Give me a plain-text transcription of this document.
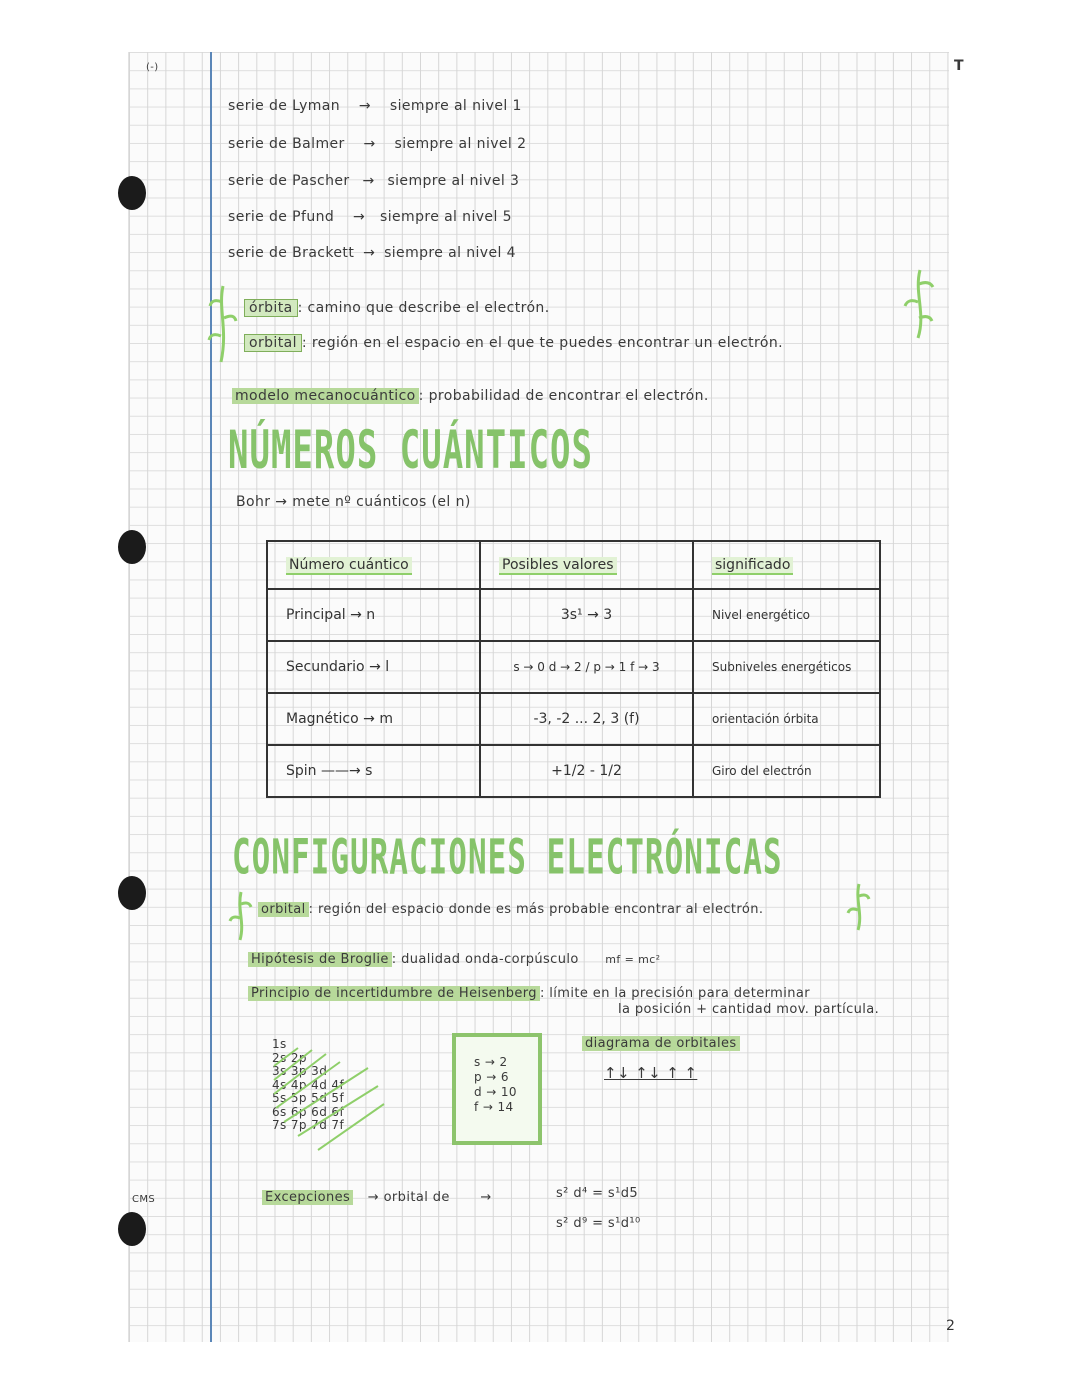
(-)	T
CMS
2
serie de Lyman → siempre al nivel 1
serie de Balmer → siempre al nivel 2
serie de Pascher → siempre al nivel 3
serie de Pfund → siempre al nivel 5
serie de Brackett → siempre al nivel 4
órbita : camino que describe el electrón.
orbital : región en el espacio en el que te puedes encontrar un electrón.
modelo mecanocuántico : probabilidad de encontrar el electrón.
NÚMEROS CUÁNTICOS
Bohr → mete nº cuánticos (el n)
Número cuántico	Posibles valores	significado
Principal → n	3s¹ → 3	Nivel energético
Secundario → l	s → 0 d → 2 / p → 1 f → 3	Subniveles energéticos
Magnético → m	-3, -2 ... 2, 3 (f)	orientación órbita
Spin ——→ s	+1/2 - 1/2	Giro del electrón
CONFIGURACIONES ELECTRÓNICAS
orbital : región del espacio donde es más probable encontrar al electrón.
Hipótesis de Broglie : dualidad onda-corpúsculo mf = mc²
Principio de incertidumbre de Heisenberg : límite en la precisión para determinar
la posición + cantidad mov. partícula.
1s
2s 2p
3s 3p 3d
4s 4p 4d 4f
5s 5p 5d 5f
6s 6p 6d 6f
7s 7p 7d 7f
s → 2
p → 6
d → 10
f → 14
diagrama de orbitales
↑↓ ↑↓ ↑ ↑
Excepciones → orbital de →	s² d⁴ = s¹d5
s² d⁹ = s¹d¹⁰
